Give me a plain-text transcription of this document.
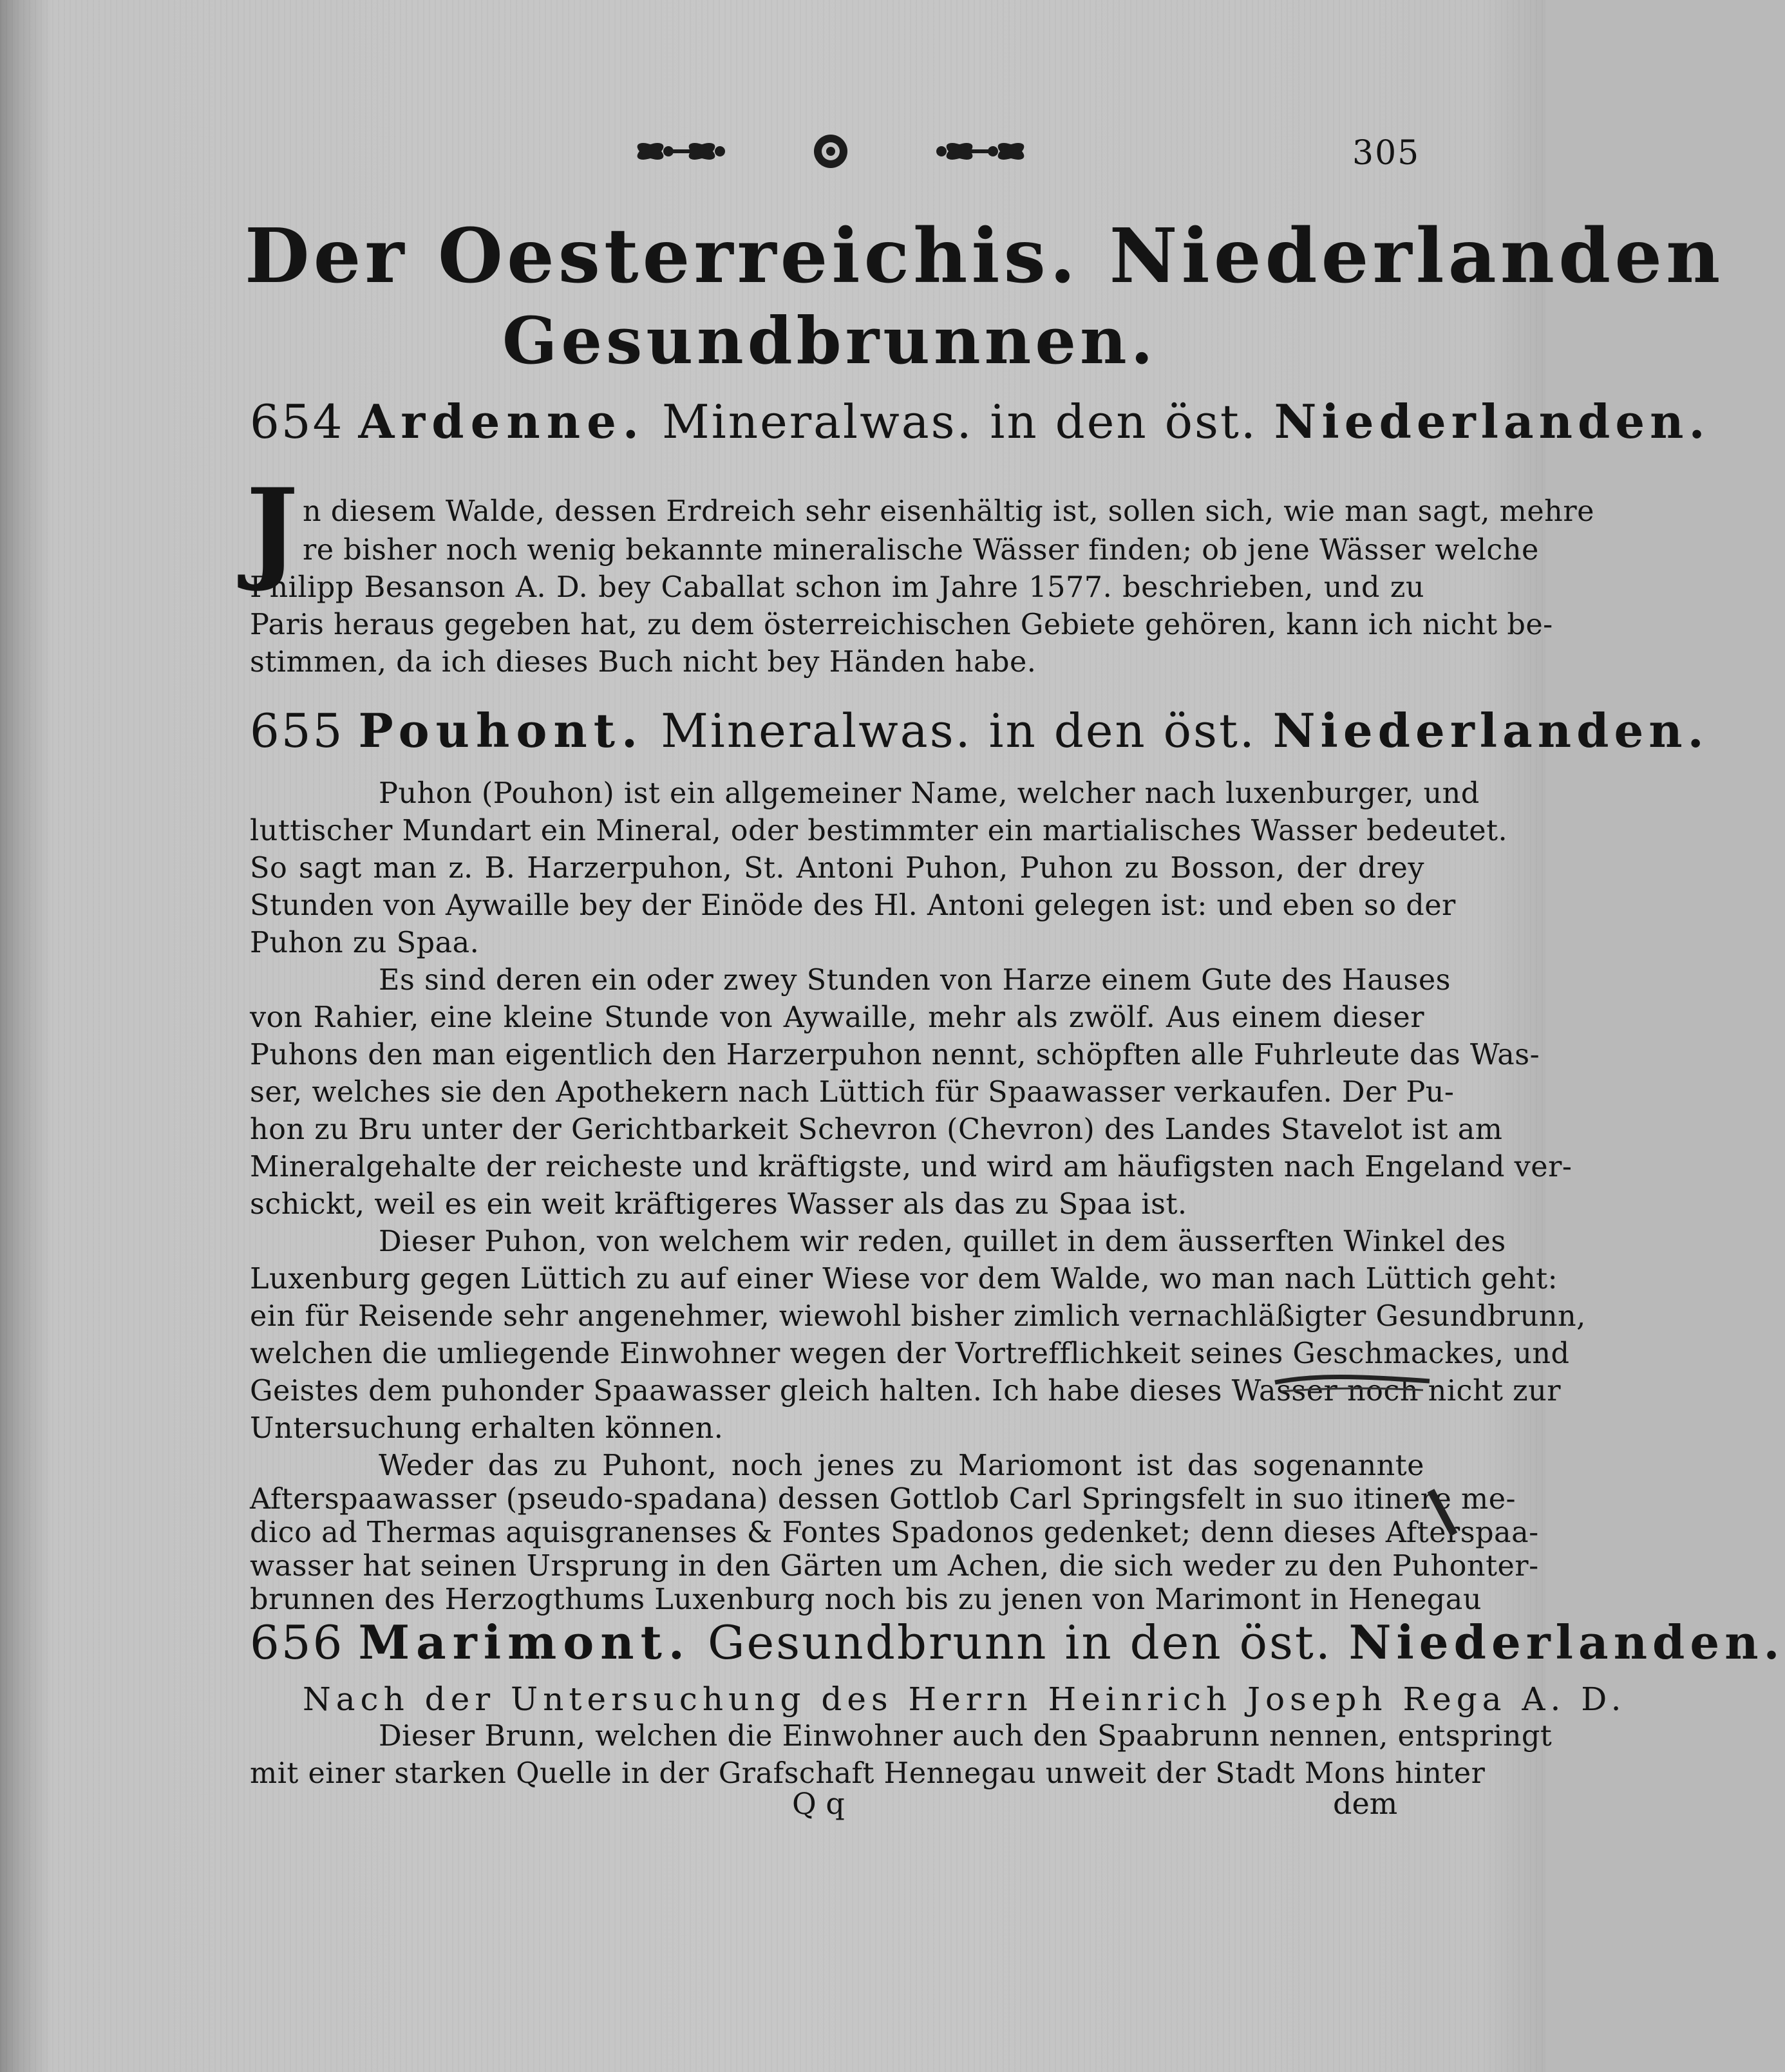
305
Der Oesterreichis. Niederlanden
Gesundbrunnen.
654 Ardenne. Mineralwas. in den öst. Niederlanden.
J n diesem Walde, dessen Erdreich sehr eisenhältig ist, sollen sich, wie man sagt, mehre
re bisher noch wenig bekannte mineralische Wässer finden; ob jene Wässer welche
Philipp Besanson A. D. bey Caballat schon im Jahre 1577. beschrieben, und zu
Paris heraus gegeben hat, zu dem österreichischen Gebiete gehören, kann ich nicht be-
stimmen, da ich dieses Buch nicht bey Händen habe.
655 Pouhont. Mineralwas. in den öst. Niederlanden.
Puhon (Pouhon) ist ein allgemeiner Name, welcher nach luxenburger, und
luttischer Mundart ein Mineral, oder bestimmter ein martialisches Wasser bedeutet.
So sagt man z. B. Harzerpuhon, St. Antoni Puhon, Puhon zu Bosson, der drey
Stunden von Aywaille bey der Einöde des Hl. Antoni gelegen ist: und eben so der
Puhon zu Spaa.
Es sind deren ein oder zwey Stunden von Harze einem Gute des Hauses
von Rahier, eine kleine Stunde von Aywaille, mehr als zwölf. Aus einem dieser
Puhons den man eigentlich den Harzerpuhon nennt, schöpften alle Fuhrleute das Was-
ser, welches sie den Apothekern nach Lüttich für Spaawasser verkaufen. Der Pu-
hon zu Bru unter der Gerichtbarkeit Schevron (Chevron) des Landes Stavelot ist am
Mineralgehalte der reicheste und kräftigste, und wird am häufigsten nach Engeland ver-
schickt, weil es ein weit kräftigeres Wasser als das zu Spaa ist.
Dieser Puhon, von welchem wir reden, quillet in dem äusserften Winkel des
Luxenburg gegen Lüttich zu auf einer Wiese vor dem Walde, wo man nach Lüttich geht:
ein für Reisende sehr angenehmer, wiewohl bisher zimlich vernachläßigter Gesundbrunn,
welchen die umliegende Einwohner wegen der Vortrefflichkeit seines Geschmackes, und
Geistes dem puhonder Spaawasser gleich halten. Ich habe dieses Wasser noch nicht zur
Untersuchung erhalten können.
Weder das zu Puhont, noch jenes zu Mariomont ist das sogenannte
Afterspaawasser (pseudo-spadana) dessen Gottlob Carl Springsfelt in suo itinere me-
dico ad Thermas aquisgranenses & Fontes Spadonos gedenket; denn dieses Afterspaa-
wasser hat seinen Ursprung in den Gärten um Achen, die sich weder zu den Puhonter-
656 Marimont. Gesundbrunn in den öst. Niederlanden.
Nach der Untersuchung des Herrn Heinrich Joseph Rega A. D.
Dieser Brunn, welchen die Einwohner auch den Spaabrunn nennen, entspringt
mit einer starken Quelle in der Grafschaft Hennegau unweit der Stadt Mons hinter
Q q	dem
brunnen des Herzogthums Luxenburg noch bis zu jenen von Marimont in Henegau
